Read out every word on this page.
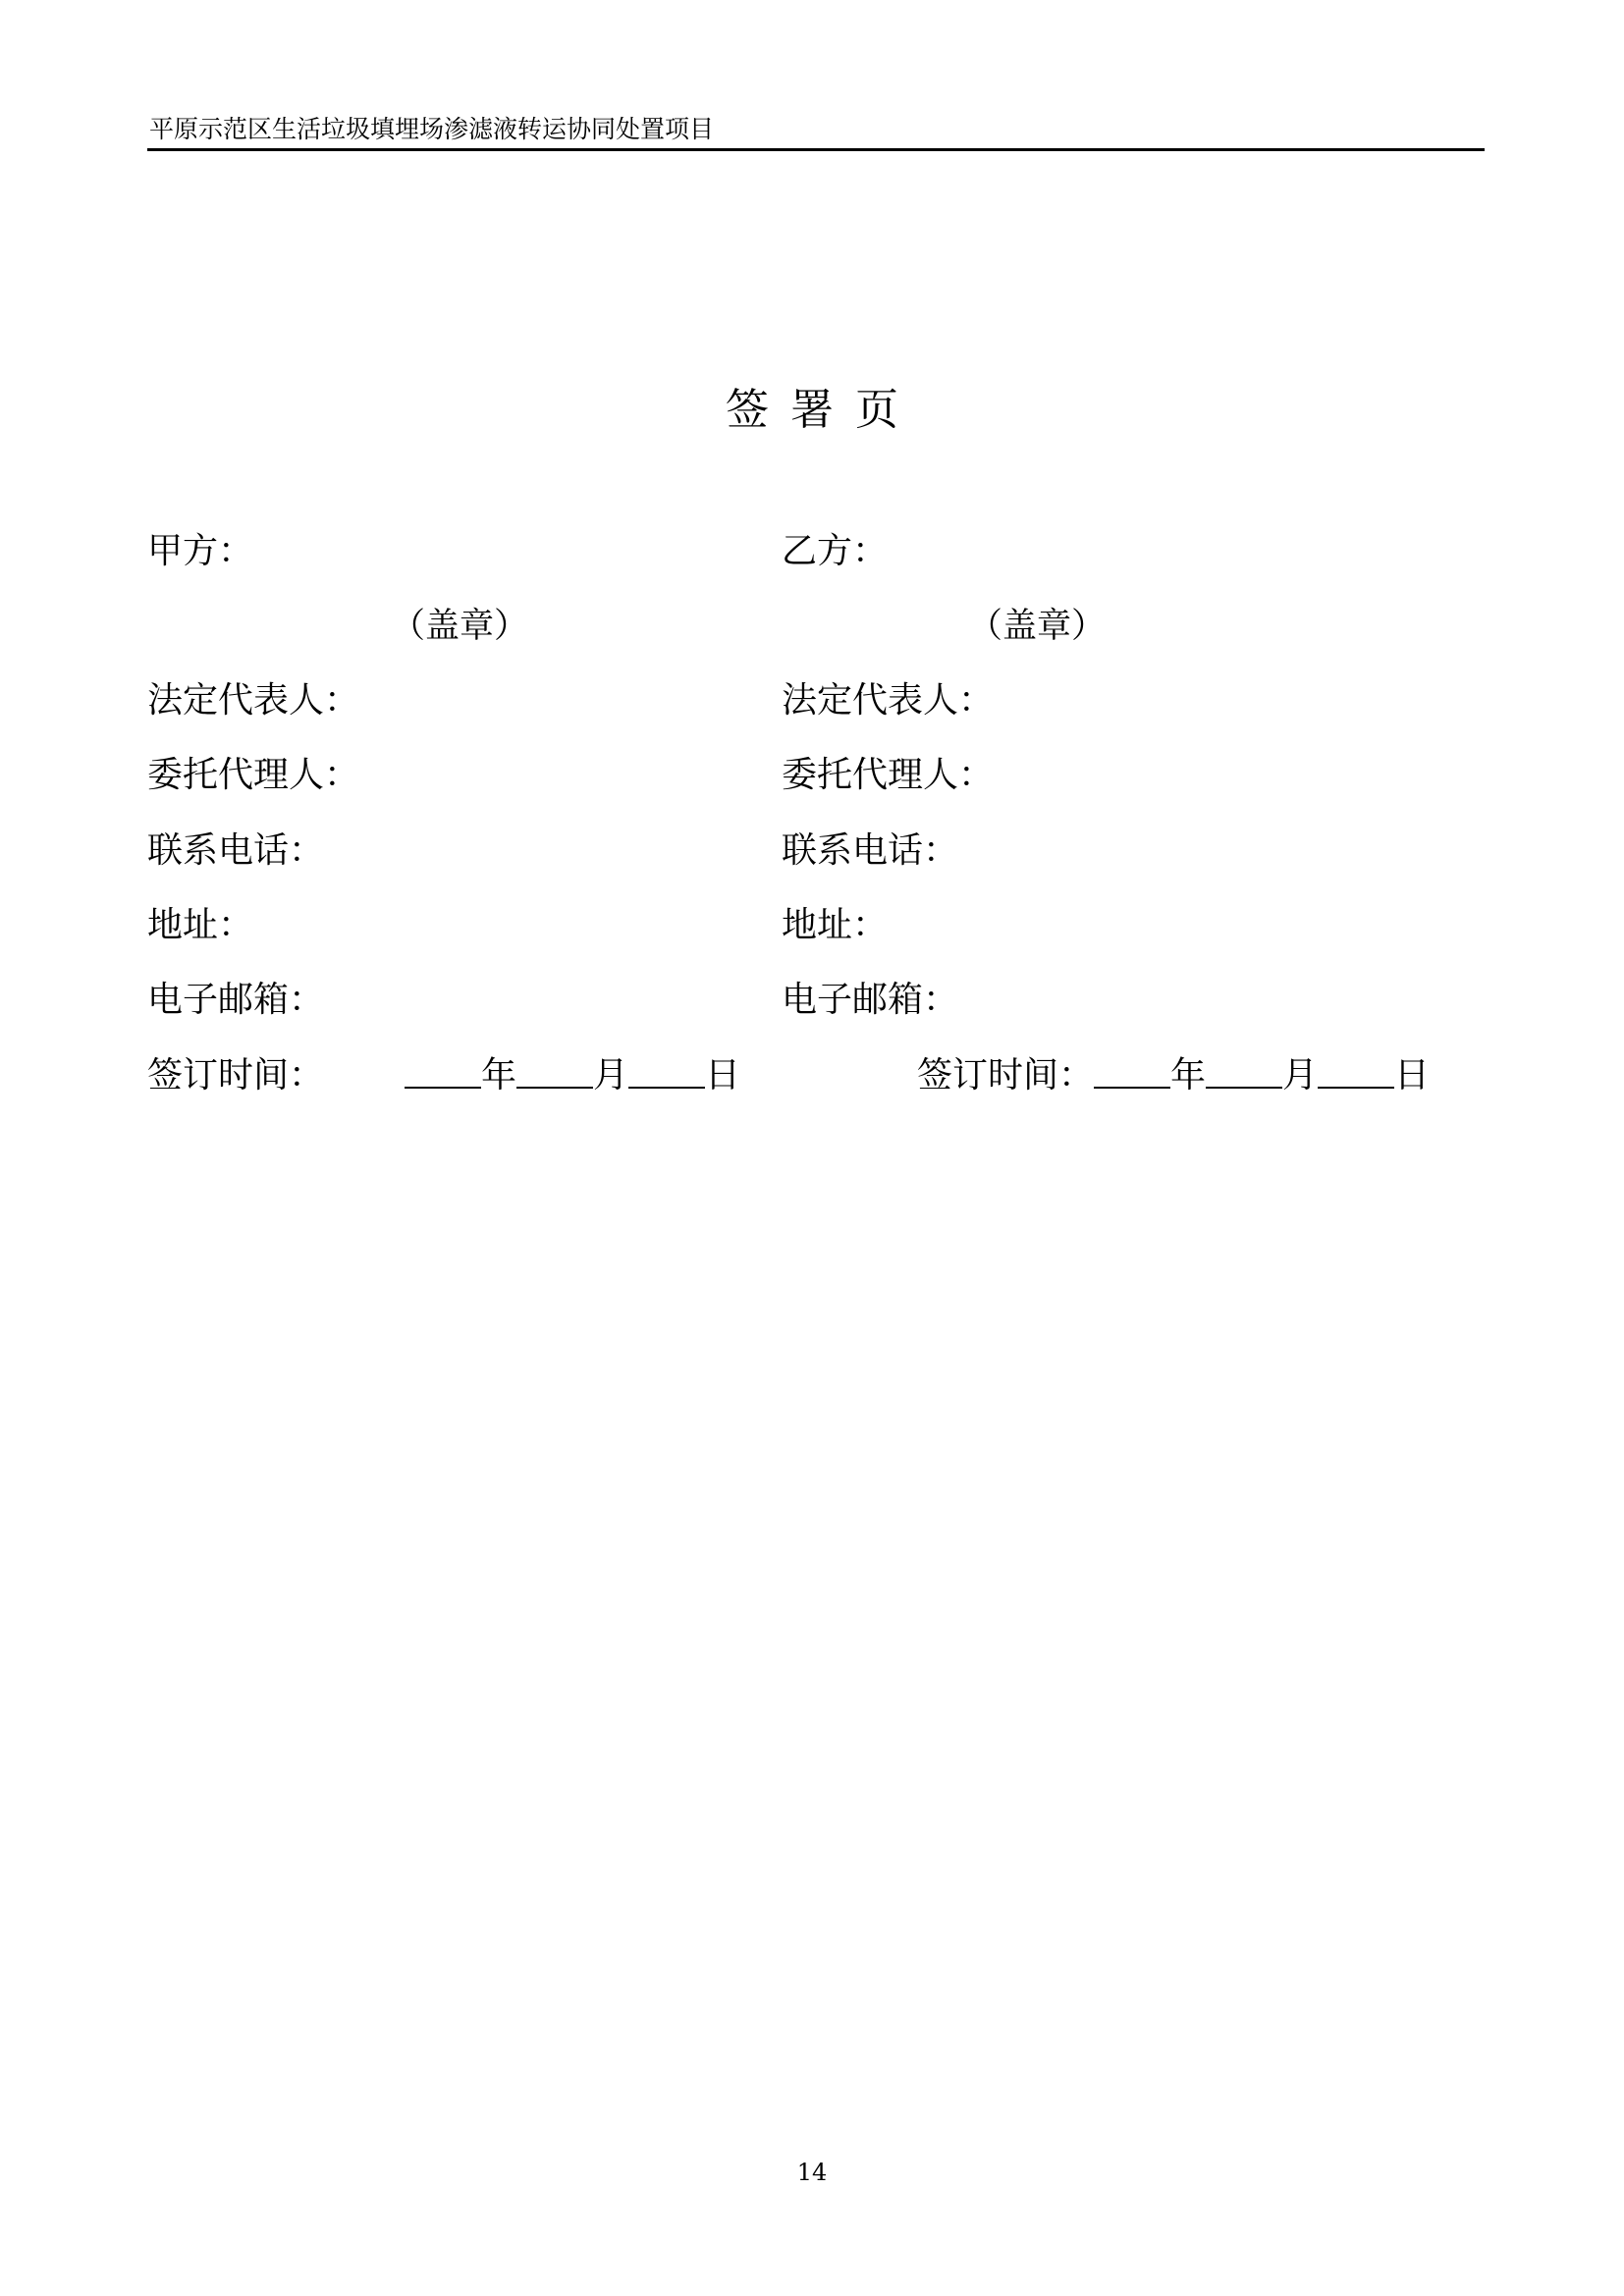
平原示范区生活垃圾填埋场渗滤液转运协同处置项目
签署页
甲方：
（盖章）
法定代表人：
委托代理人：
联系电话：
地址：
电子邮箱：
乙方：
（盖章）
法定代表人：
委托代理人：
联系电话：
地址：
电子邮箱：
签订时间：	年 月 日	签订时间： 年 月 日
14
